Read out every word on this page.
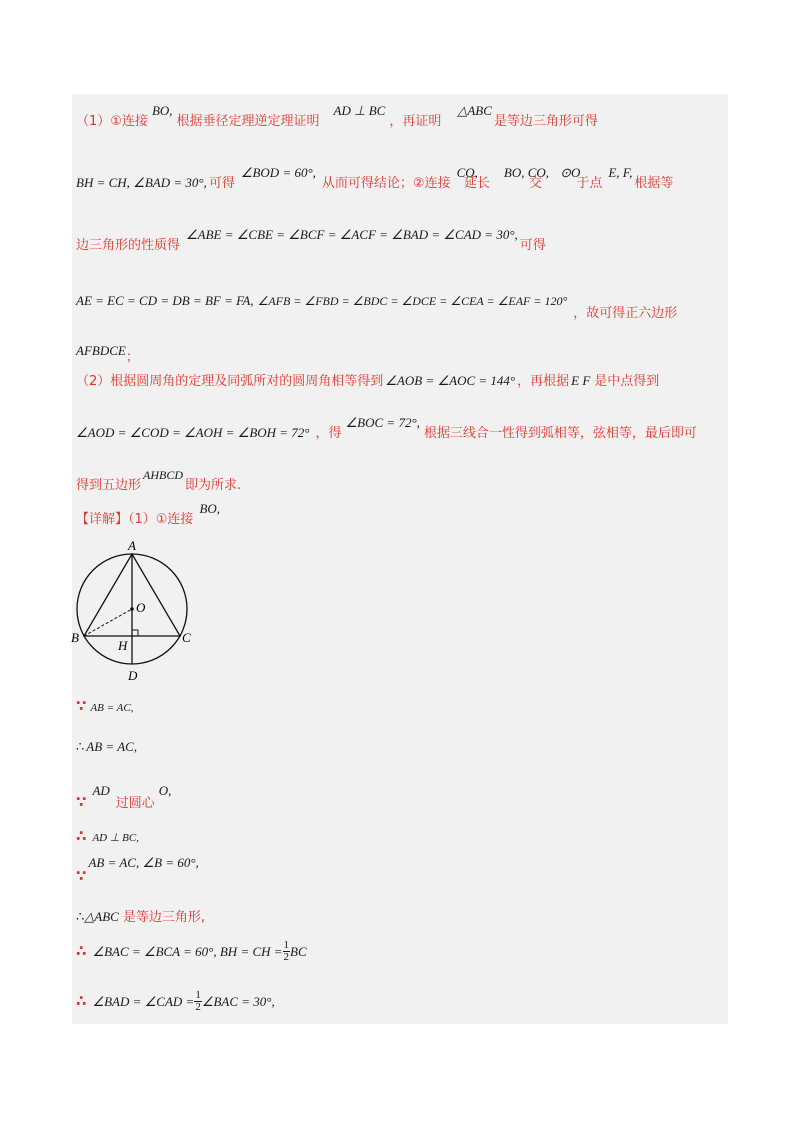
（1）①连接$^{BO,}$根据垂径定理逆定理证明$^{AD \perp BC}$，再证明$^{\triangle ABC}$是等边三角形可得
BH = CH, ∠BAD = 30°, 可得$^{\angle BOD = 60^\circ,}$从而可得结论；②连接$^{CO,}$延长$^{BO, CO,}$交$^{⊙O}$于点$^{E, F,}$根据等
边三角形的性质得$^{\angle ABE = \angle CBE = \angle BCF = \angle ACF = \angle BAD = \angle CAD = 30^\circ,}$可得
AE = EC = CD = DB = BF = FA, ∠AFB = ∠FBD = ∠BDC = ∠DCE = ∠CEA = ∠EAF = $120^\circ_{,故可得正六边形}$
$AFBDCE_;$
（2）根据圆周角的定理及同弧所对的圆周角相等得到 ∠AOB = ∠AOC = 144° ，再根据 E F 是中点得到
∠AOD = ∠COD = ∠AOH = ∠BOH = 72° ，得$^{\angle BOC = 72^\circ,}$根据三线合一性得到弧相等，弦相等，最后即可
得到五边形$^{AHBCD}$即为所求.
【详解】（1）①连接$^{BO,}$
A
B	C
D
H
O
∵ AB = AC,
∴ AB = AC,
$\because AD_{过圆心}O$,
∴ AD ⊥ BC,
∵AB = AC, ∠B = 60°,
∴△ABC 是等边三角形,
∴ ∠BAC = ∠BCA = 60°, BH = CH = $\frac{1}{2}$ BC
∴ ∠BAD = ∠CAD = $\frac{1}{2}$ ∠BAC = 30°,
